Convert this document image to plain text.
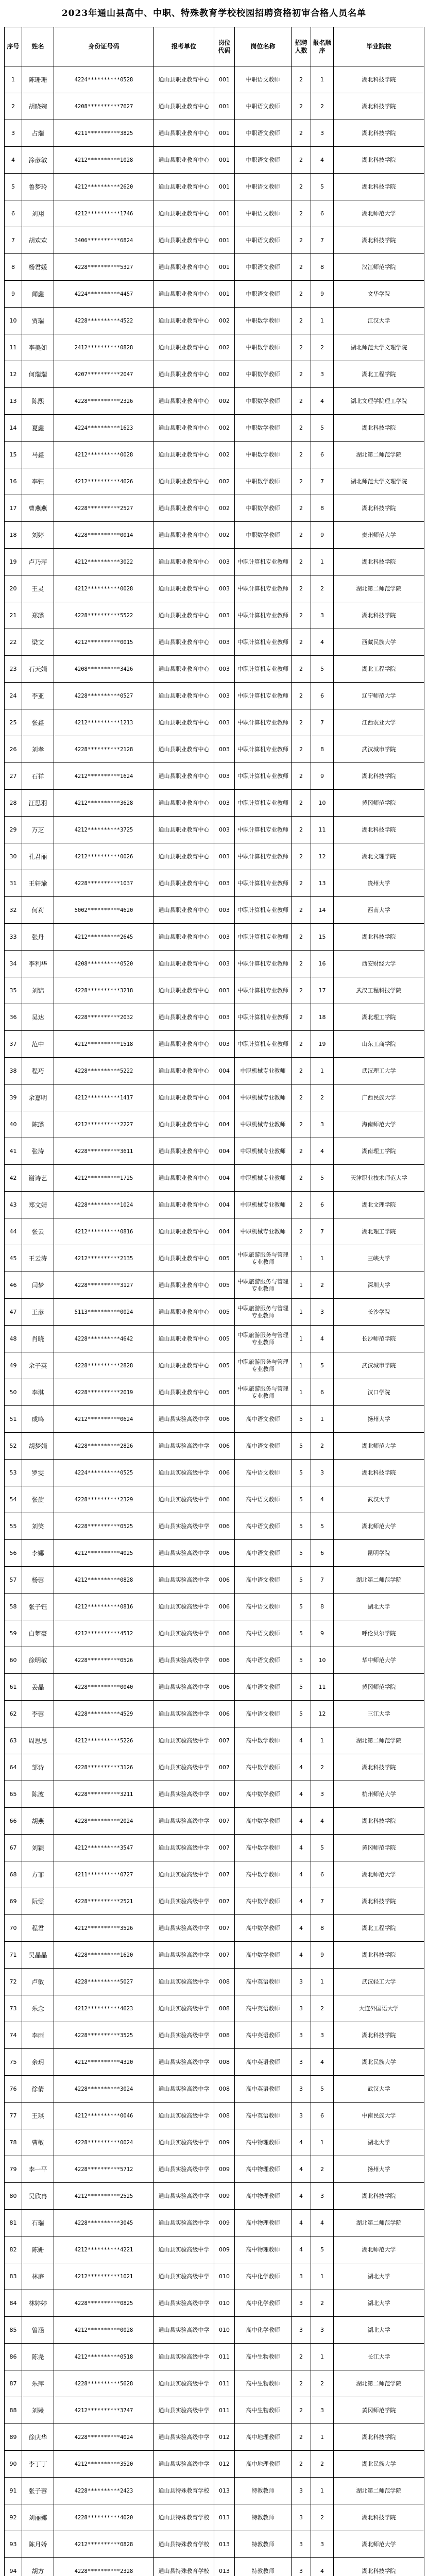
2023年通山县高中、中职、特殊教育学校校园招聘资格初审合格人员名单
序号	姓名	身份证号码	报考单位	岗位代码	岗位名称	招聘人数	报名顺序	毕业院校
1	陈珊珊	4224**********0528	通山县职业教育中心	001	中职语文教师	2	1	湖北科技学院
2	胡晓婉	4208**********7627	通山县职业教育中心	001	中职语文教师	2	2	湖北科技学院
3	占瑞	4211**********3825	通山县职业教育中心	001	中职语文教师	2	3	湖北科技学院
4	涂彦敏	4212**********1028	通山县职业教育中心	001	中职语文教师	2	4	湖北科技学院
5	鲁梦玲	4212**********2620	通山县职业教育中心	001	中职语文教师	2	5	湖北科技学院
6	刘翔	4212**********1746	通山县职业教育中心	001	中职语文教师	2	6	湖北师范大学
7	胡欢欢	3406**********6824	通山县职业教育中心	001	中职语文教师	2	7	湖北科技学院
8	杨君媛	4228**********5327	通山县职业教育中心	001	中职语文教师	2	8	汉江师范学院
9	闻鑫	4224**********4457	通山县职业教育中心	001	中职语文教师	2	9	文华学院
10	贾瑞	4228**********4522	通山县职业教育中心	002	中职数学教师	2	1	江汉大学
11	李美如	2412**********0828	通山县职业教育中心	002	中职数学教师	2	2	湖北师范大学文理学院
12	何瑞瑞	4207**********2047	通山县职业教育中心	002	中职数学教师	2	3	湖北工程学院
13	陈熙	4228**********2326	通山县职业教育中心	002	中职数学教师	2	4	湖北文理学院理工学院
14	夏鑫	4224**********1623	通山县职业教育中心	002	中职数学教师	2	5	湖北科技学院
15	马鑫	4212**********0028	通山县职业教育中心	002	中职数学教师	2	6	湖北第二师范学院
16	李钰	4212**********4626	通山县职业教育中心	002	中职数学教师	2	7	湖北师范大学文理学院
17	曹燕燕	4228**********2527	通山县职业教育中心	002	中职数学教师	2	8	湖北科技学院
18	刘婷	4228**********0014	通山县职业教育中心	002	中职数学教师	2	9	贵州师范大学
19	卢乃萍	4212**********3022	通山县职业教育中心	003	中职计算机专业教师	2	1	湖北科技学院
20	王灵	4212**********0028	通山县职业教育中心	003	中职计算机专业教师	2	2	湖北第二师范学院
21	郑璐	4228**********5522	通山县职业教育中心	003	中职计算机专业教师	2	3	湖北科技学院
22	梁文	4212**********0015	通山县职业教育中心	003	中职计算机专业教师	2	4	西藏民族大学
23	石天娟	4208**********3426	通山县职业教育中心	003	中职计算机专业教师	2	5	湖北工程学院
24	李亚	4228**********0527	通山县职业教育中心	003	中职计算机专业教师	2	6	辽宁师范大学
25	张鑫	4212**********1213	通山县职业教育中心	003	中职计算机专业教师	2	7	江西农业大学
26	刘孝	4228**********2128	通山县职业教育中心	003	中职计算机专业教师	2	8	武汉城市学院
27	石祥	4212**********1624	通山县职业教育中心	003	中职计算机专业教师	2	9	湖北科技学院
28	汪思羽	4212**********3628	通山县职业教育中心	003	中职计算机专业教师	2	10	黄冈师范学院
29	万芝	4212**********3725	通山县职业教育中心	003	中职计算机专业教师	2	11	湖北科技学院
30	孔君丽	4212**********0026	通山县职业教育中心	003	中职计算机专业教师	2	12	湖北文理学院
31	王轩瑜	4228**********1037	通山县职业教育中心	003	中职计算机专业教师	2	13	贵州大学
32	何莉	5002**********4620	通山县职业教育中心	003	中职计算机专业教师	2	14	西南大学
33	张丹	4212**********2645	通山县职业教育中心	003	中职计算机专业教师	2	15	湖北科技学院
34	李利华	4208**********0520	通山县职业教育中心	003	中职计算机专业教师	2	16	西安财经大学
35	刘锦	4228**********3218	通山县职业教育中心	003	中职计算机专业教师	2	17	武汉工程科技学院
36	吴达	4228**********2032	通山县职业教育中心	003	中职计算机专业教师	2	18	湖北理工学院
37	范中	4212**********1518	通山县职业教育中心	003	中职计算机专业教师	2	19	山东工商学院
38	程巧	4228**********5222	通山县职业教育中心	004	中职机械专业教师	2	1	武汉理工大学
39	余嘉明	4212**********1417	通山县职业教育中心	004	中职机械专业教师	2	2	广西民族大学
40	陈璐	4212**********2227	通山县职业教育中心	004	中职机械专业教师	2	3	海南师范大学
41	张涛	4228**********3611	通山县职业教育中心	004	中职机械专业教师	2	4	湖南理工学院
42	谢诗艺	4212**********1725	通山县职业教育中心	004	中职机械专业教师	2	5	天津职业技术师范大学
43	郑文婧	4228**********1024	通山县职业教育中心	004	中职机械专业教师	2	6	湖北文理学院
44	张云	4212**********0816	通山县职业教育中心	004	中职机械专业教师	2	7	湖北理工学院
45	王云涛	4212**********2135	通山县职业教育中心	005	中职旅游服务与管理专业教师	1	1	三峡大学
46	闫梦	4228**********3127	通山县职业教育中心	005	中职旅游服务与管理专业教师	1	2	深圳大学
47	王彦	5113**********0024	通山县职业教育中心	005	中职旅游服务与管理专业教师	1	3	长沙学院
48	肖晓	4228**********4642	通山县职业教育中心	005	中职旅游服务与管理专业教师	1	4	长沙师范学院
49	余子英	4228**********2828	通山县职业教育中心	005	中职旅游服务与管理专业教师	1	5	武汉城市学院
50	李淇	4228**********2019	通山县职业教育中心	005	中职旅游服务与管理专业教师	1	6	汉口学院
51	成鸣	4212**********0624	通山县实验高级中学	006	高中语文教师	5	1	扬州大学
52	胡梦娟	4228**********2826	通山县实验高级中学	006	高中语文教师	5	2	湖北师范大学
53	罗雯	4224**********0525	通山县实验高级中学	006	高中语文教师	5	3	湖北科技学院
54	张旋	4228**********2329	通山县实验高级中学	006	高中语文教师	5	4	武汉大学
55	刘笑	4228**********0525	通山县实验高级中学	006	高中语文教师	5	5	湖北师范大学
56	李娜	4212**********4025	通山县实验高级中学	006	高中语文教师	5	6	昆明学院
57	杨蓉	4212**********0828	通山县实验高级中学	006	高中语文教师	5	7	湖北第二师范学院
58	张子钰	4212**********0816	通山县实验高级中学	006	高中语文教师	5	8	湖北大学
59	白梦豪	4212**********4512	通山县实验高级中学	006	高中语文教师	5	9	呼伦贝尔学院
60	徐明敏	4228**********0526	通山县实验高级中学	006	高中语文教师	5	10	华中师范大学
61	姜晶	4228**********0040	通山县实验高级中学	006	高中语文教师	5	11	黄冈师范学院
62	李蓉	4228**********4529	通山县实验高级中学	006	高中语文教师	5	12	三江大学
63	周思思	4212**********5226	通山县实验高级中学	007	高中数学教师	4	1	湖北第二师范学院
64	邹诗	4228**********3126	通山县实验高级中学	007	高中数学教师	4	2	湖北科技学院
65	陈波	4228**********3211	通山县实验高级中学	007	高中数学教师	4	3	杭州师范大学
66	胡燕	4228**********2024	通山县实验高级中学	007	高中数学教师	4	4	湖北科技学院
67	刘颖	4212**********3547	通山县实验高级中学	007	高中数学教师	4	5	黄冈师范学院
68	方菲	4211**********0727	通山县实验高级中学	007	高中数学教师	4	6	湖北师范大学
69	阮雯	4228**********2521	通山县实验高级中学	007	高中数学教师	4	7	湖北科技学院
70	程君	4212**********3526	通山县实验高级中学	007	高中数学教师	4	8	湖北工程学院
71	吴晶晶	4228**********1620	通山县实验高级中学	007	高中数学教师	4	9	湖北科技学院
72	卢敏	4228**********5027	通山县实验高级中学	008	高中英语教师	3	1	武汉轻工大学
73	乐念	4212**********4623	通山县实验高级中学	008	高中英语教师	3	2	大连外国语大学
74	李雨	4228**********3525	通山县实验高级中学	008	高中英语教师	3	3	湖北科技学院
75	余玥	4212**********4320	通山县实验高级中学	008	高中英语教师	3	4	湖北民族大学
76	徐倩	4228**********3024	通山县实验高级中学	008	高中英语教师	3	5	武汉大学
77	王琪	4212**********0046	通山县实验高级中学	008	高中英语教师	3	6	中南民族大学
78	曹敏	4228**********0024	通山县实验高级中学	009	高中物理教师	4	1	湖北大学
79	李一平	4228**********5712	通山县实验高级中学	009	高中物理教师	4	2	扬州大学
80	吴欣冉	4212**********2525	通山县实验高级中学	009	高中物理教师	4	3	湖北科技学院
81	石瑞	4228**********3045	通山县实验高级中学	009	高中物理教师	4	4	湖北第二师范学院
82	陈姗	4212**********4221	通山县实验高级中学	009	高中物理教师	4	5	湖北师范大学
83	林庭	4212**********1021	通山县实验高级中学	010	高中化学教师	3	1	湖北大学
84	林婷婷	4228**********0825	通山县实验高级中学	010	高中化学教师	3	2	湖北大学
85	曾涵	4212**********0028	通山县实验高级中学	010	高中化学教师	3	3	湖北大学
86	陈尧	4212**********0518	通山县实验高级中学	011	高中生物教师	2	1	长江大学
87	乐萍	4228**********5628	通山县实验高级中学	011	高中生物教师	2	2	湖北第二师范学院
88	刘嫚	4212**********3747	通山县实验高级中学	011	高中生物教师	2	3	黄冈师范学院
89	徐庆华	4228**********4024	通山县实验高级中学	012	高中地理教师	2	1	湖北科技学院
90	李丁丁	4212**********3520	通山县实验高级中学	012	高中地理教师	2	2	湖北民族大学
91	张子蓉	4228**********2423	通山县特殊教育学校	013	特教教师	3	1	湖北第二师范学院
92	刘丽娜	4228**********4020	通山县特殊教育学校	013	特教教师	3	2	湖北科技学院
93	陈月娇	4212**********0828	通山县特殊教育学校	013	特教教师	3	3	湖北师范大学
94	胡方	4228**********2328	通山县特殊教育学校	013	特教教师	3	4	湖北科技学院
